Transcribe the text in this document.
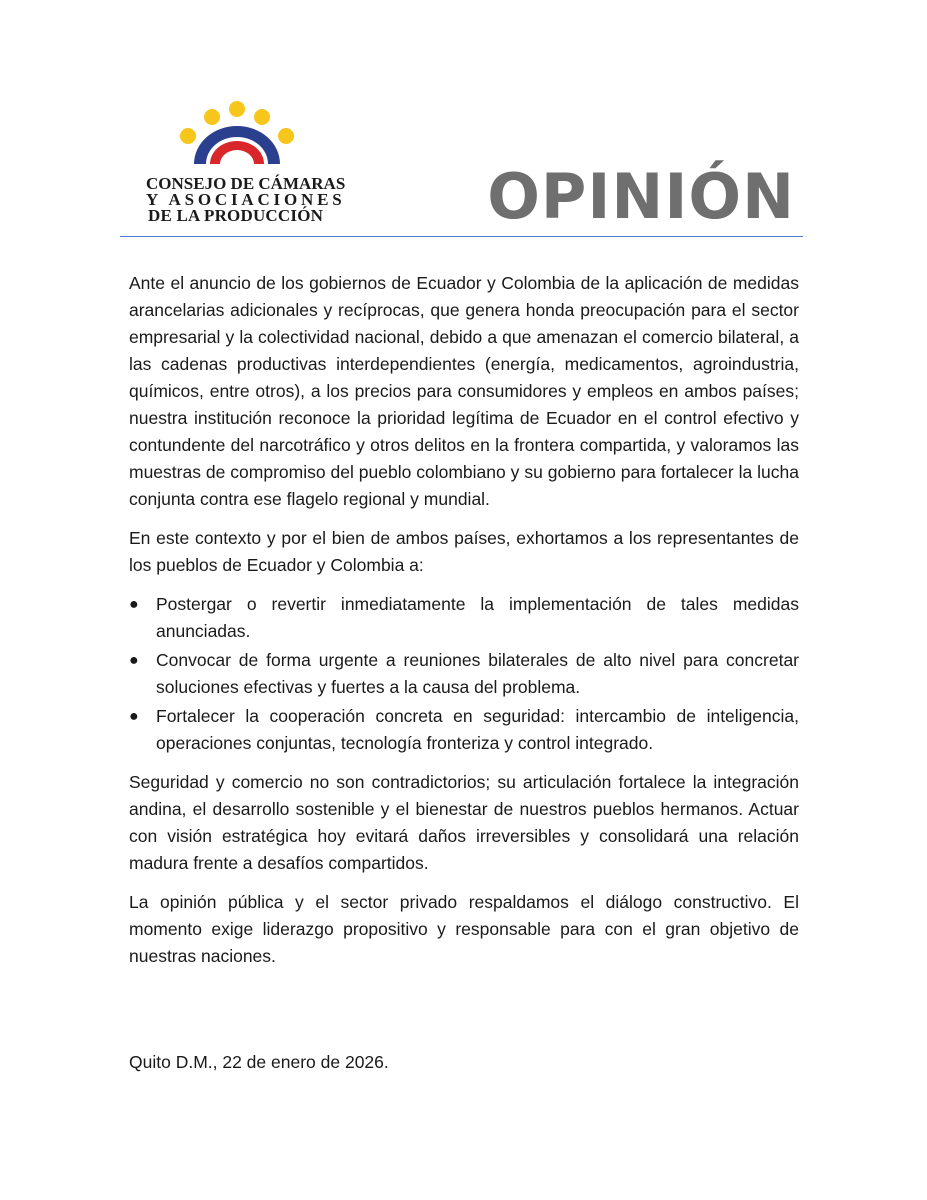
CONSEJO DE CÁMARAS
Y ASOCIACIONES
DE LA PRODUCCIÓN	OPINIÓN

Ante el anuncio de los gobiernos de Ecuador y Colombia de la aplicación de medidas arancelarias adicionales y recíprocas, que genera honda preocupación para el sector empresarial y la colectividad nacional, debido a que amenazan el comercio bilateral, a las cadenas productivas interdependientes (energía, medicamentos, agroindustria, químicos, entre otros), a los precios para consumidores y empleos en ambos países; nuestra institución reconoce la prioridad legítima de Ecuador en el control efectivo y contundente del narcotráfico y otros delitos en la frontera compartida, y valoramos las muestras de compromiso del pueblo colombiano y su gobierno para fortalecer la lucha conjunta contra ese flagelo regional y mundial.

En este contexto y por el bien de ambos países, exhortamos a los representantes de los pueblos de Ecuador y Colombia a:

● Postergar o revertir inmediatamente la implementación de tales medidas anunciadas.
● Convocar de forma urgente a reuniones bilaterales de alto nivel para concretar soluciones efectivas y fuertes a la causa del problema.
● Fortalecer la cooperación concreta en seguridad: intercambio de inteligencia, operaciones conjuntas, tecnología fronteriza y control integrado.

Seguridad y comercio no son contradictorios; su articulación fortalece la integración andina, el desarrollo sostenible y el bienestar de nuestros pueblos hermanos. Actuar con visión estratégica hoy evitará daños irreversibles y consolidará una relación madura frente a desafíos compartidos.

La opinión pública y el sector privado respaldamos el diálogo constructivo. El momento exige liderazgo propositivo y responsable para con el gran objetivo de nuestras naciones.

Quito D.M., 22 de enero de 2026.
